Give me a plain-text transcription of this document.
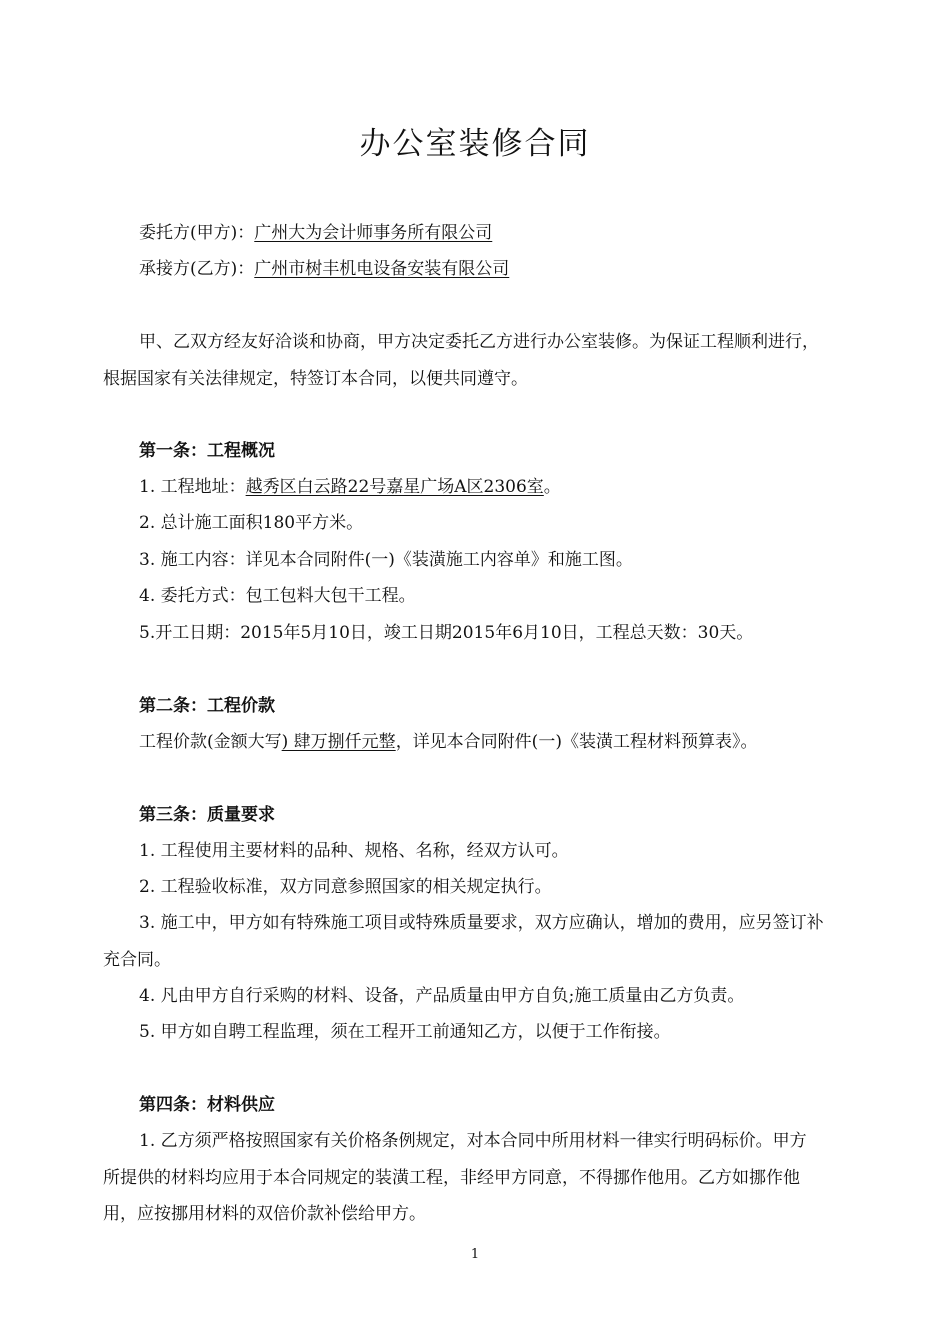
办公室装修合同
委托方(甲方)：广州大为会计师事务所有限公司
承接方(乙方)：广州市树丰机电设备安装有限公司
甲、乙双方经友好洽谈和协商，甲方决定委托乙方进行办公室装修。为保证工程顺利进行，
根据国家有关法律规定，特签订本合同，以便共同遵守。
第一条：工程概况
1. 工程地址：越秀区白云路22号嘉星广场A区2306室。
2. 总计施工面积180平方米。
3. 施工内容：详见本合同附件(一)《装潢施工内容单》和施工图。
4. 委托方式：包工包料大包干工程。
5.开工日期：2015年5月10日，竣工日期2015年6月10日，工程总天数：30天。
第二条：工程价款
工程价款(金额大写) 肆万捌仟元整，详见本合同附件(一)《装潢工程材料预算表》。
第三条：质量要求
1. 工程使用主要材料的品种、规格、名称，经双方认可。
2. 工程验收标准，双方同意参照国家的相关规定执行。
3. 施工中，甲方如有特殊施工项目或特殊质量要求，双方应确认，增加的费用，应另签订补
充合同。
4. 凡由甲方自行采购的材料、设备，产品质量由甲方自负;施工质量由乙方负责。
5. 甲方如自聘工程监理，须在工程开工前通知乙方，以便于工作衔接。
第四条：材料供应
1. 乙方须严格按照国家有关价格条例规定，对本合同中所用材料一律实行明码标价。甲方
所提供的材料均应用于本合同规定的装潢工程，非经甲方同意，不得挪作他用。乙方如挪作他
用，应按挪用材料的双倍价款补偿给甲方。
1
